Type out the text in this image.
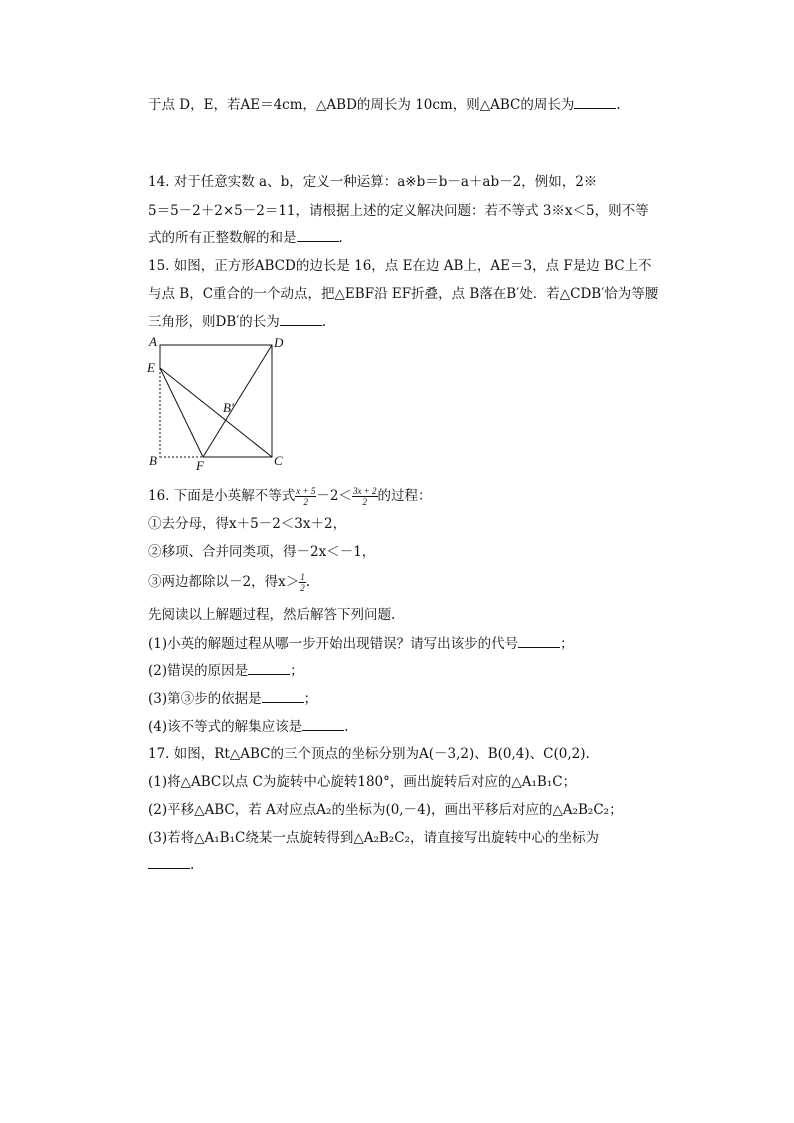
于点 D，E，若AE＝4cm，△ABD的周长为 10cm，则△ABC的周长为	.
14. 对于任意实数 a、b，定义一种运算：a※b＝b－a＋ab－2，例如，2※
5＝5－2＋2×5－2＝11，请根据上述的定义解决问题：若不等式 3※x＜5，则不等
式的所有正整数解的和是	.
15. 如图，正方形ABCD的边长是 16，点 E在边 AB上，AE＝3，点 F是边 BC上不
与点 B，C重合的一个动点，把△EBF沿 EF折叠，点 B落在B′处．若△CDB′恰为等腰
三角形，则DB′的长为	.
A	D
E
B′
B	F	C
16. 下面是小英解不等式 $\frac{x + 5}{2} -2< \frac{3x + 2}{2}$ 的过程：
①去分母，得x＋5－2＜3x＋2，
②移项、合并同类项，得－2x＜－1，
③两边都除以－2，得$x> \frac{1}{2}$ .
先阅读以上解题过程，然后解答下列问题.
(1)小英的解题过程从哪一步开始出现错误？请写出该步的代号	；
(2)错误的原因是	；
(3)第③步的依据是	；
(4)该不等式的解集应该是	.
17. 如图，Rt△ABC的三个顶点的坐标分别为A(－3,2)、B(0,4)、C(0,2).
(1)将△ABC以点 C为旋转中心旋转180°，画出旋转后对应的△A₁B₁C；
(2)平移△ABC，若 A对应点A₂的坐标为(0,－4)，画出平移后对应的△A₂B₂C₂；
(3)若将△A₁B₁C绕某一点旋转得到△A₂B₂C₂，请直接写出旋转中心的坐标为
.
